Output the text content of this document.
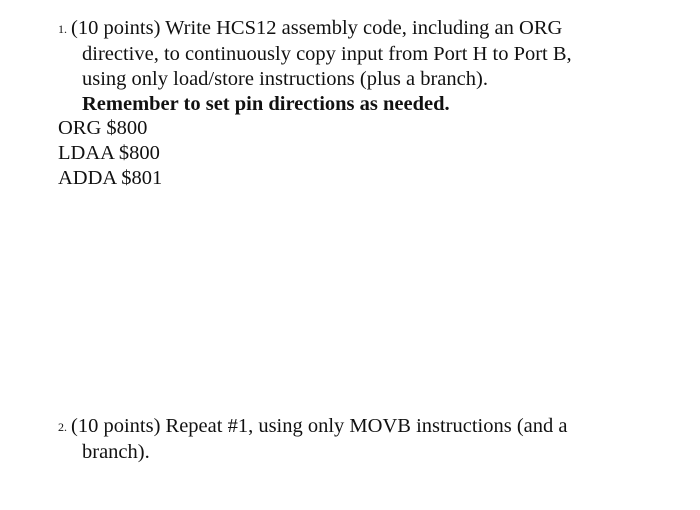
1. (10 points) Write HCS12 assembly code, including an ORG
directive, to continuously copy input from Port H to Port B,
using only load/store instructions (plus a branch).
Remember to set pin directions as needed.
ORG $800
LDAA $800
ADDA $801
2. (10 points) Repeat #1, using only MOVB instructions (and a
branch).
